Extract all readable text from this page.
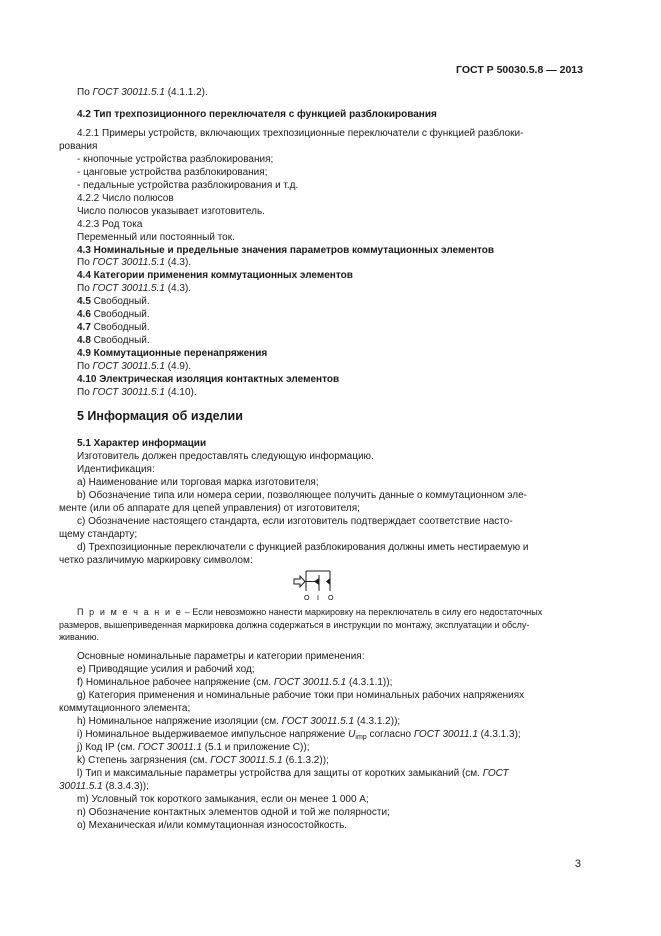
ГОСТ Р 50030.5.8 — 2013
По ГОСТ 30011.5.1 (4.1.1.2).
4.2 Тип трехпозиционного переключателя с функцией разблокирования
4.2.1 Примеры устройств, включающих трехпозиционные переключатели с функцией разблоки-
рования
- кнопочные устройства разблокирования;
- цанговые устройства разблокирования;
- педальные устройства разблокирования и т.д.
4.2.2 Число полюсов
Число полюсов указывает изготовитель.
4.2.3 Род тока
Переменный или постоянный ток.
4.3 Номинальные и предельные значения параметров коммутационных элементов
По ГОСТ 30011.5.1 (4.3).
4.4 Категории применения коммутационных элементов
По ГОСТ 30011.5.1 (4.3).
4.5 Свободный.
4.6 Свободный.
4.7 Свободный.
4.8 Свободный.
4.9 Коммутационные перенапряжения
По ГОСТ 30011.5.1 (4.9).
4.10 Электрическая изоляция контактных элементов
По ГОСТ 30011.5.1 (4.10).
5 Информация об изделии
5.1 Характер информации
Изготовитель должен предоставлять следующую информацию.
Идентификация:
a) Наименование или торговая марка изготовителя;
b) Обозначение типа или номера серии, позволяющее получить данные о коммутационном эле-
менте (или об аппарате для цепей управления) от изготовителя;
c) Обозначение настоящего стандарта, если изготовитель подтверждает соответствие насто-
щему стандарту;
d) Трехпозиционные переключатели с функцией разблокирования должны иметь нестираемую и
четко различимую маркировку символом:
П р и м е ч а н и е – Если невозможно нанести маркировку на переключатель в силу его недостаточных
размеров, вышеприведенная маркировка должна содержаться в инструкции по монтажу, эксплуатации и обслу-
живанию.
Основные номинальные параметры и категории применения:
e) Приводящие усилия и рабочий ход;
f) Номинальное рабочее напряжение (см. ГОСТ 30011.5.1 (4.3.1.1));
g) Категория применения и номинальные рабочие токи при номинальных рабочих напряжениях
коммутационного элемента;
h) Номинальное напряжение изоляции (см. ГОСТ 30011.5.1 (4.3.1.2));
i) Номинальное выдерживаемое импульсное напряжение $U_{imp}$ согласно ГОСТ 30011.1 (4.3.1.3);
j) Код IP (см. ГОСТ 30011.1 (5.1 и приложение C));
k) Степень загрязнения (см. ГОСТ 30011.5.1 (6.1.3.2));
l) Тип и максимальные параметры устройства для защиты от коротких замыканий (см. ГОСТ
30011.5.1 (8.3.4.3));
m) Условный ток короткого замыкания, если он менее 1 000 А;
n) Обозначение контактных элементов одной и той же полярности;
o) Механическая и/или коммутационная износостойкость.
O I O
3
